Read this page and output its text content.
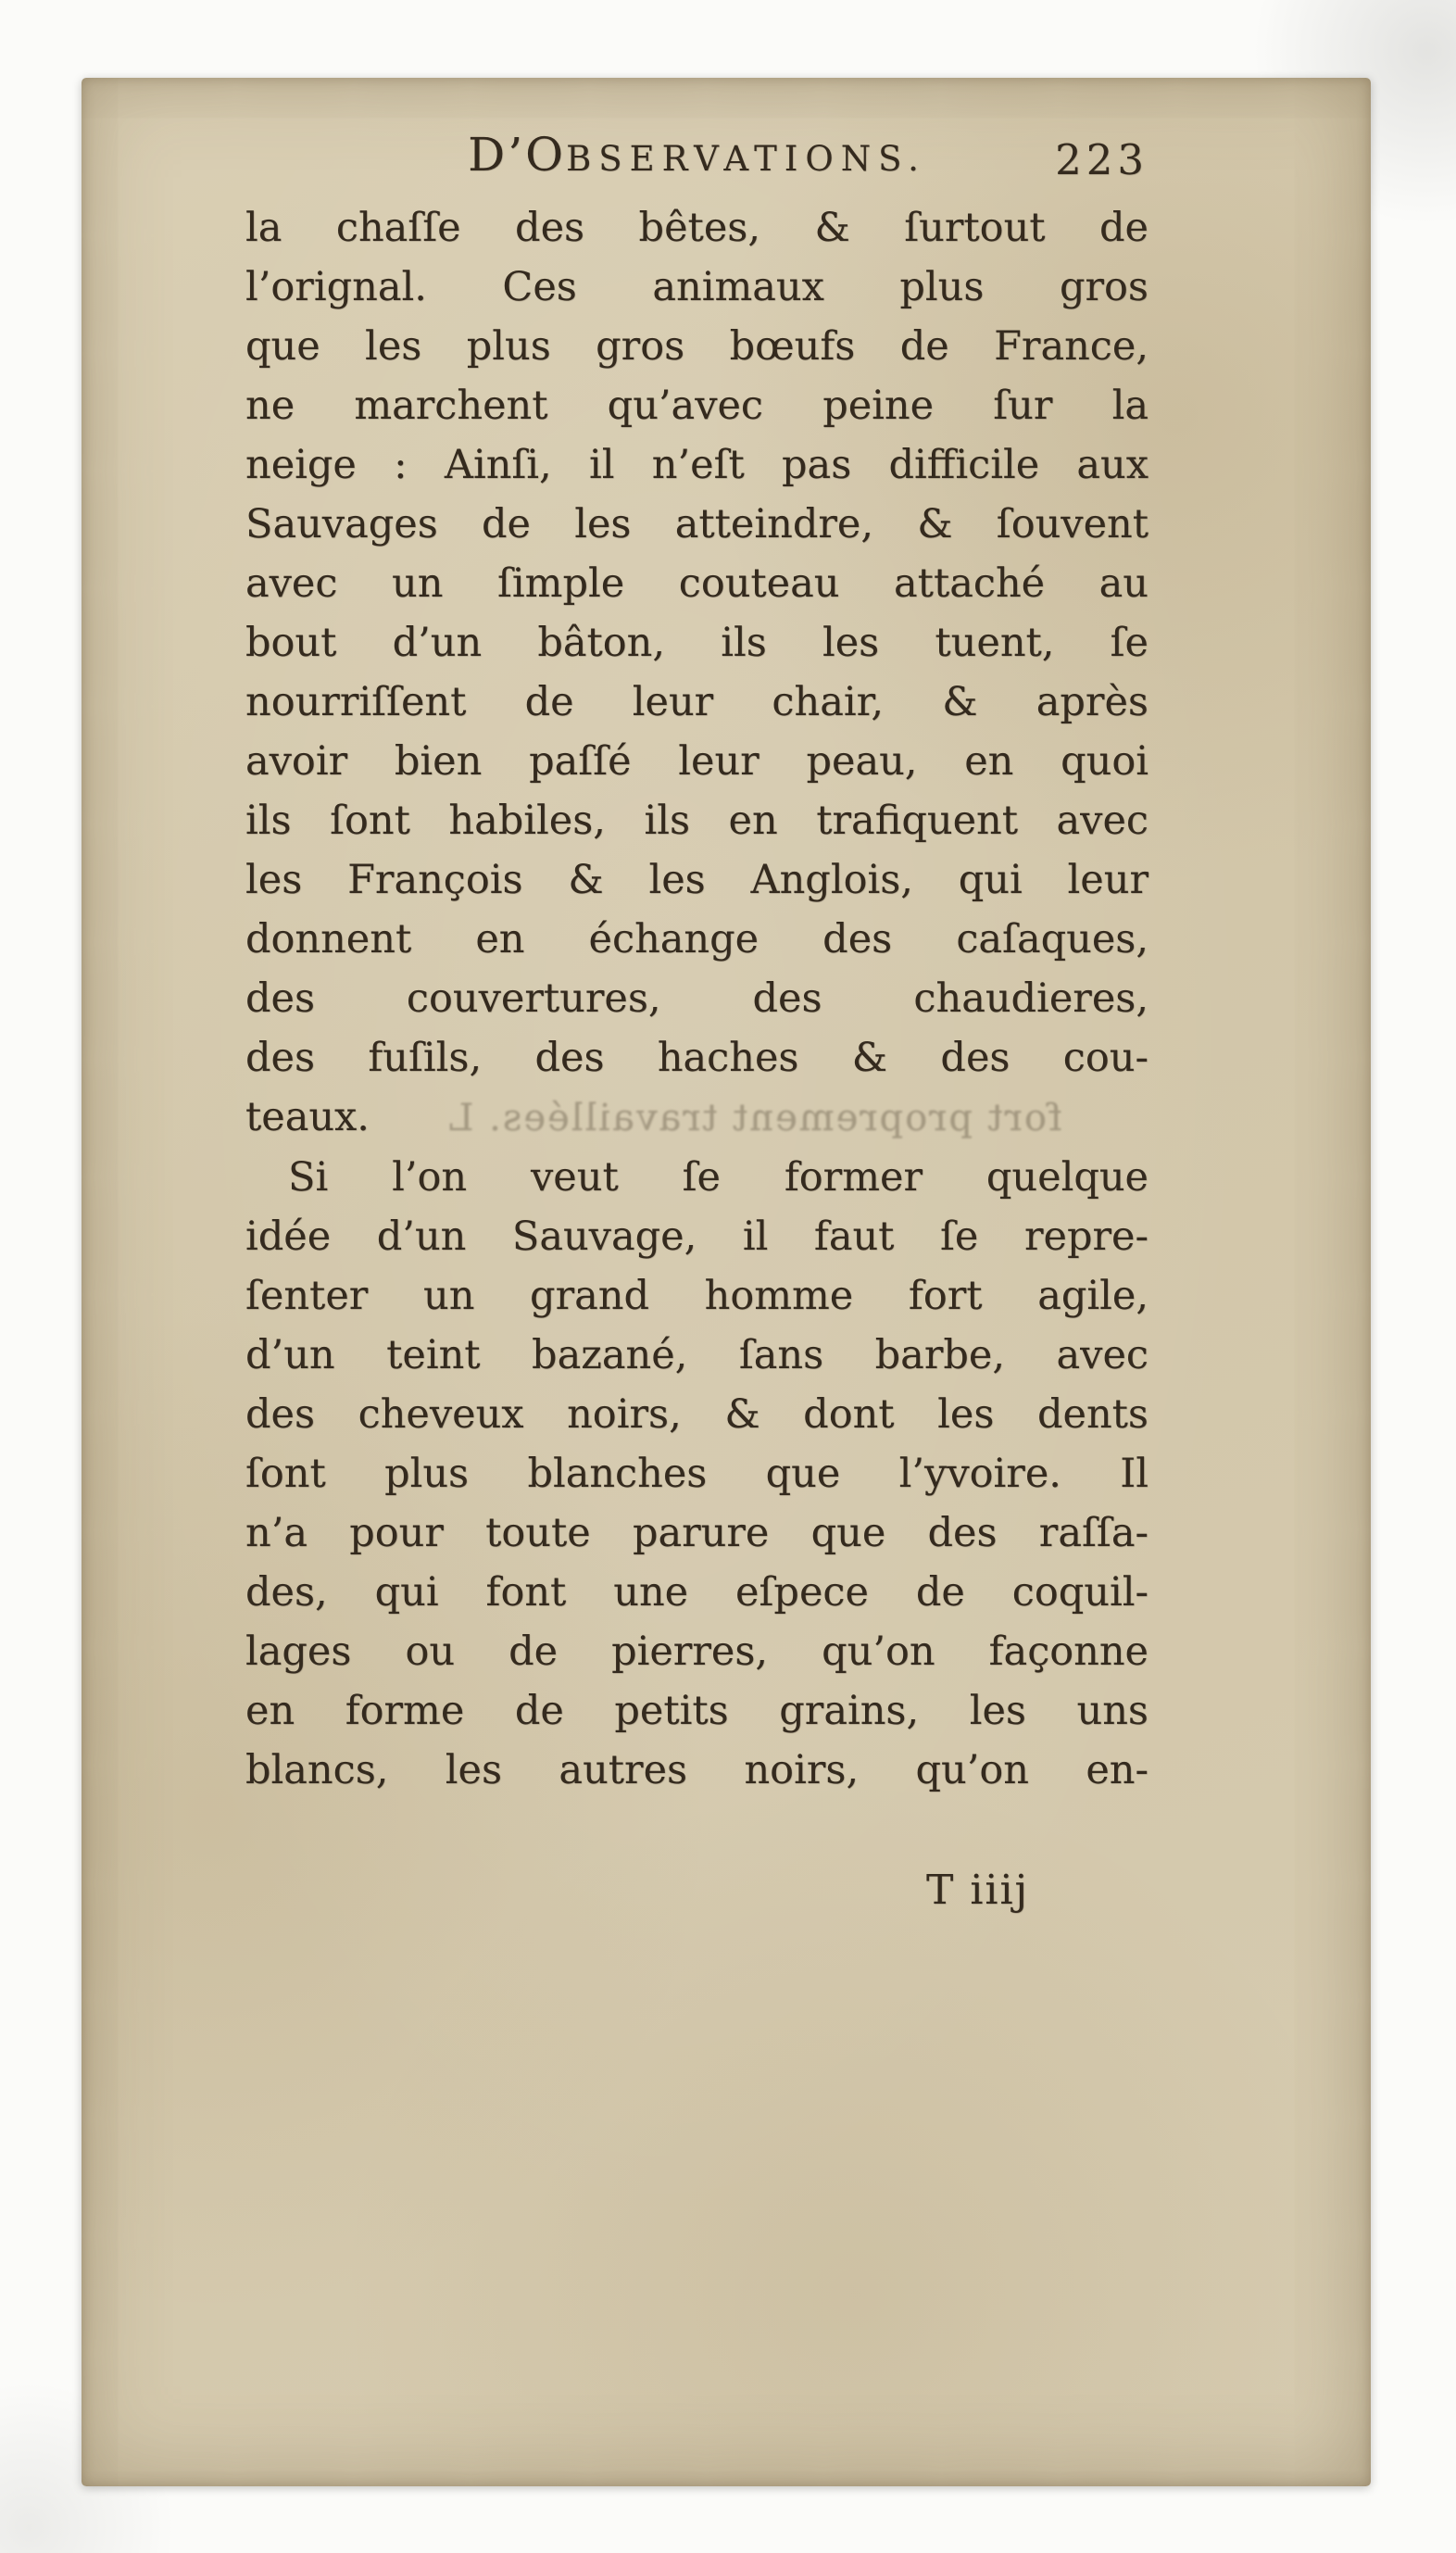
D’OBSERVATIONS.	223
la chaſſe des bêtes, & ſurtout de
l’orignal. Ces animaux plus gros
que les plus gros bœufs de France,
ne marchent qu’avec peine ſur la
neige : Ainſi, il n’eſt pas difficile aux
Sauvages de les atteindre, & ſouvent
avec un ſimple couteau attaché au
bout d’un bâton, ils les tuent, ſe
nourriſſent de leur chair, & après
avoir bien paſſé leur peau, en quoi
ils ſont habiles, ils en trafiquent avec
les François & les Anglois, qui leur
donnent en échange des caſaques,
des couvertures, des chaudieres,
des fuſils, des haches & des cou-
teaux. fort proprement travaillées. L
Si l’on veut ſe former quelque
idée d’un Sauvage, il faut ſe repre-
ſenter un grand homme fort agile,
d’un teint bazané, ſans barbe, avec
des cheveux noirs, & dont les dents
ſont plus blanches que l’yvoire. Il
n’a pour toute parure que des raſſa-
des, qui font une eſpece de coquil-
lages ou de pierres, qu’on façonne
en forme de petits grains, les uns
blancs, les autres noirs, qu’on en-
T iiij
